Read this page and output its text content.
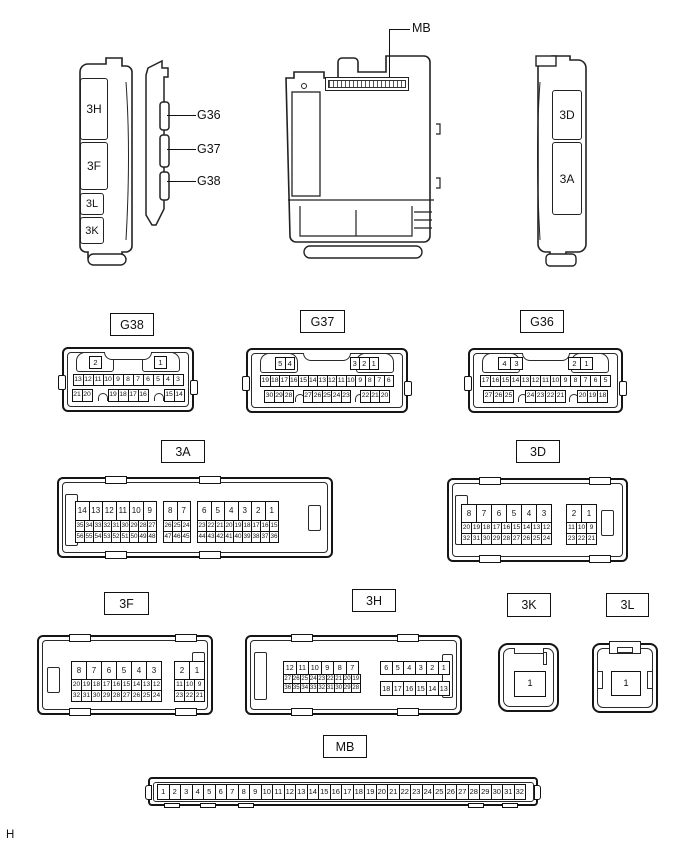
3H
3F
3L
3K
G36
G37
G38
MB
3D
3A
G38	G37	G36
3A	3D
3F	3H	3K	3L
MB
2	1
13 12 11 10 9 8 7 6 5 4 3
21 20	19 18 17 16	15 14
5 4	3 2 1
19 18 17 16 15 14 13 12 11 10 9 8 7 6
30 29 28 27 26 25 24 23 22 21 20
4	3	2	1
17 16 15 14 13 12 11 10 9 8 7 6 5
27 26 25 24 23 22 21 20 19 18
14 13 12 11 10 9	8	7	6	5	4	3	2	1
35 34 33 32 31 30 29 28 27 26 25 24 23 22 21 20 19 18 17 16 15
56 55 54 53 52 51 50 49 48 47 46 45 44 43 42 41 40 39 38 37 36
8	7	6	5	4	3	2	1
20 19 18 17 16 15 14 13 12	11 10 9
32 31 30 29 28 27 26 25 24	23 22 21
8	7	6	5	4	3	2	1
20 19 18 17 16 15 14 13 12	11 10 9
32 31 30 29 28 27 26 25 24 23 22 21
12 11 10 9	8	7
27 26 25 24 23 22 21 20 19
36 35 34 33 32 31 30 29 28
6	5	4	3	2	1
18 17 16 15 14 13	1	1
1 2 3 4 5 6 7 8 9 10 11 12 13 14 15 16 17 18 19 20 21 22 23 24 25 26 27 28 29 30 31 32
H
